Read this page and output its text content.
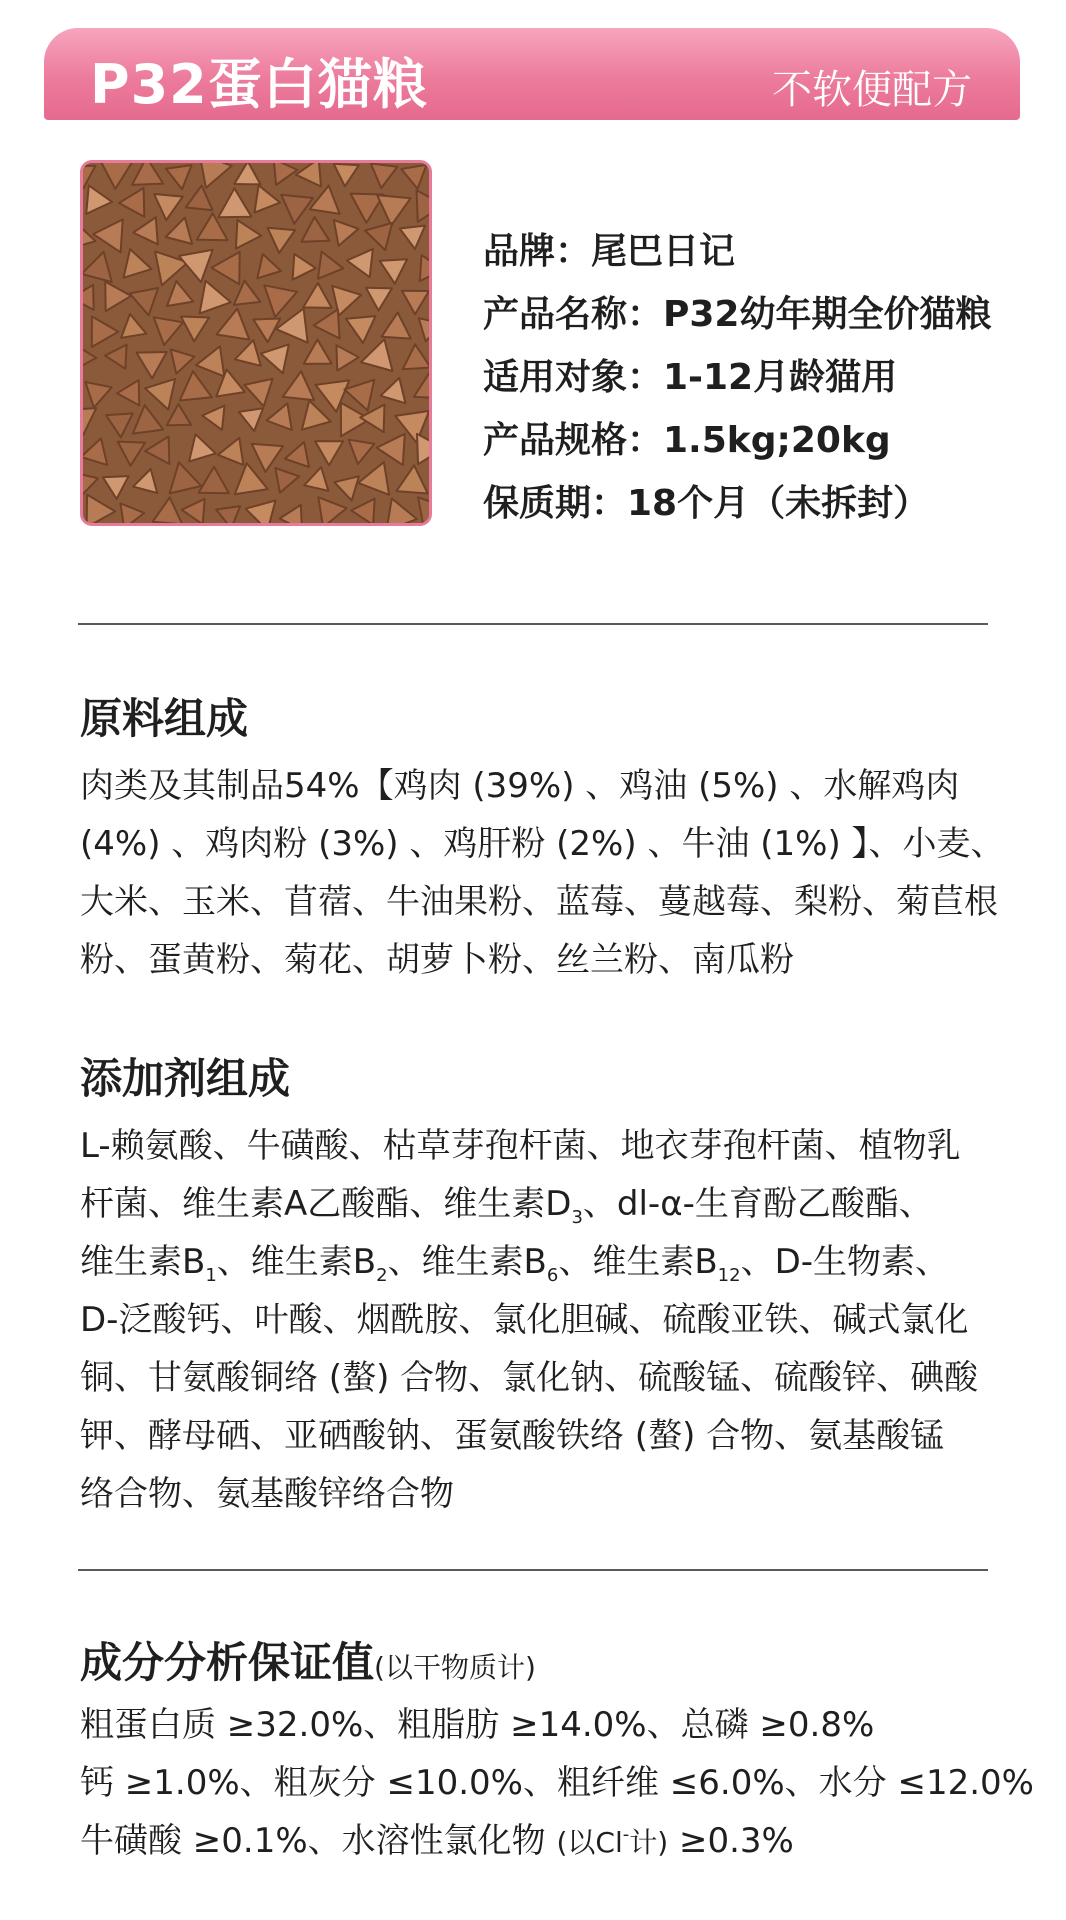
P32蛋白猫粮	不软便配方
品牌：尾巴日记
产品名称：P32幼年期全价猫粮
适用对象：1-12月龄猫用
产品规格：1.5kg;20kg
保质期：18个月（未拆封）
原料组成
肉类及其制品54%【鸡肉 (39%) 、鸡油 (5%) 、水解鸡肉
(4%) 、鸡肉粉 (3%) 、鸡肝粉 (2%) 、牛油 (1%) 】、小麦、
大米、玉米、苜蓿、牛油果粉、蓝莓、蔓越莓、梨粉、菊苣根
粉、蛋黄粉、菊花、胡萝卜粉、丝兰粉、南瓜粉
添加剂组成
L-赖氨酸、牛磺酸、枯草芽孢杆菌、地衣芽孢杆菌、植物乳
杆菌、维生素A乙酸酯、维生素$D_3$、dl-α-生育酚乙酸酯、
维生素$B_1$、维生素$B_2$、维生素$B_6$、维生素$B_{12}$、D-生物素、
D-泛酸钙、叶酸、烟酰胺、氯化胆碱、硫酸亚铁、碱式氯化
铜、甘氨酸铜络 (螯) 合物、氯化钠、硫酸锰、硫酸锌、碘酸
钾、酵母硒、亚硒酸钠、蛋氨酸铁络 (螯) 合物、氨基酸锰
络合物、氨基酸锌络合物
成分分析保证值(以干物质计)
粗蛋白质 ≥32.0%、粗脂肪 ≥14.0%、总磷 ≥0.8%
钙 ≥1.0%、粗灰分 ≤10.0%、粗纤维 ≤6.0%、水分 ≤12.0%
牛磺酸 ≥0.1%、水溶性氯化物 (以Cl-计) ≥0.3%
